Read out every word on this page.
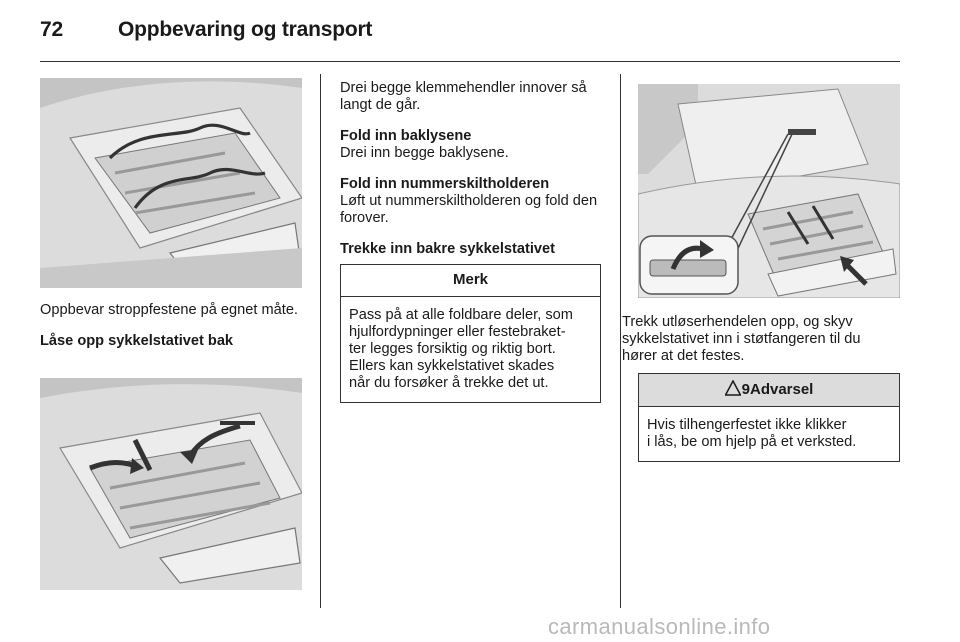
72	Oppbevaring og transport

Oppbevar stroppfestene på egnet måte.

Låse opp sykkelstativet bak

Drei begge klemmehendler innover så langt de går.

Fold inn baklysene

Drei inn begge baklysene.

Fold inn nummerskiltholderen

Løft ut nummerskiltholderen og fold den forover.

Trekke inn bakre sykkelstativet

Merk
Pass på at alle foldbare deler, som
hjulfordypninger eller festebraket-
ter legges forsiktig og riktig bort.
Ellers kan sykkelstativet skades
når du forsøker å trekke det ut.
Trekk utløserhendelen opp, og skyv
sykkelstativet inn i støtfangeren til du
hører at det festes.
9Advarsel
Hvis tilhengerfestet ikke klikker
i lås, be om hjelp på et verksted.
carmanualsonline.info
